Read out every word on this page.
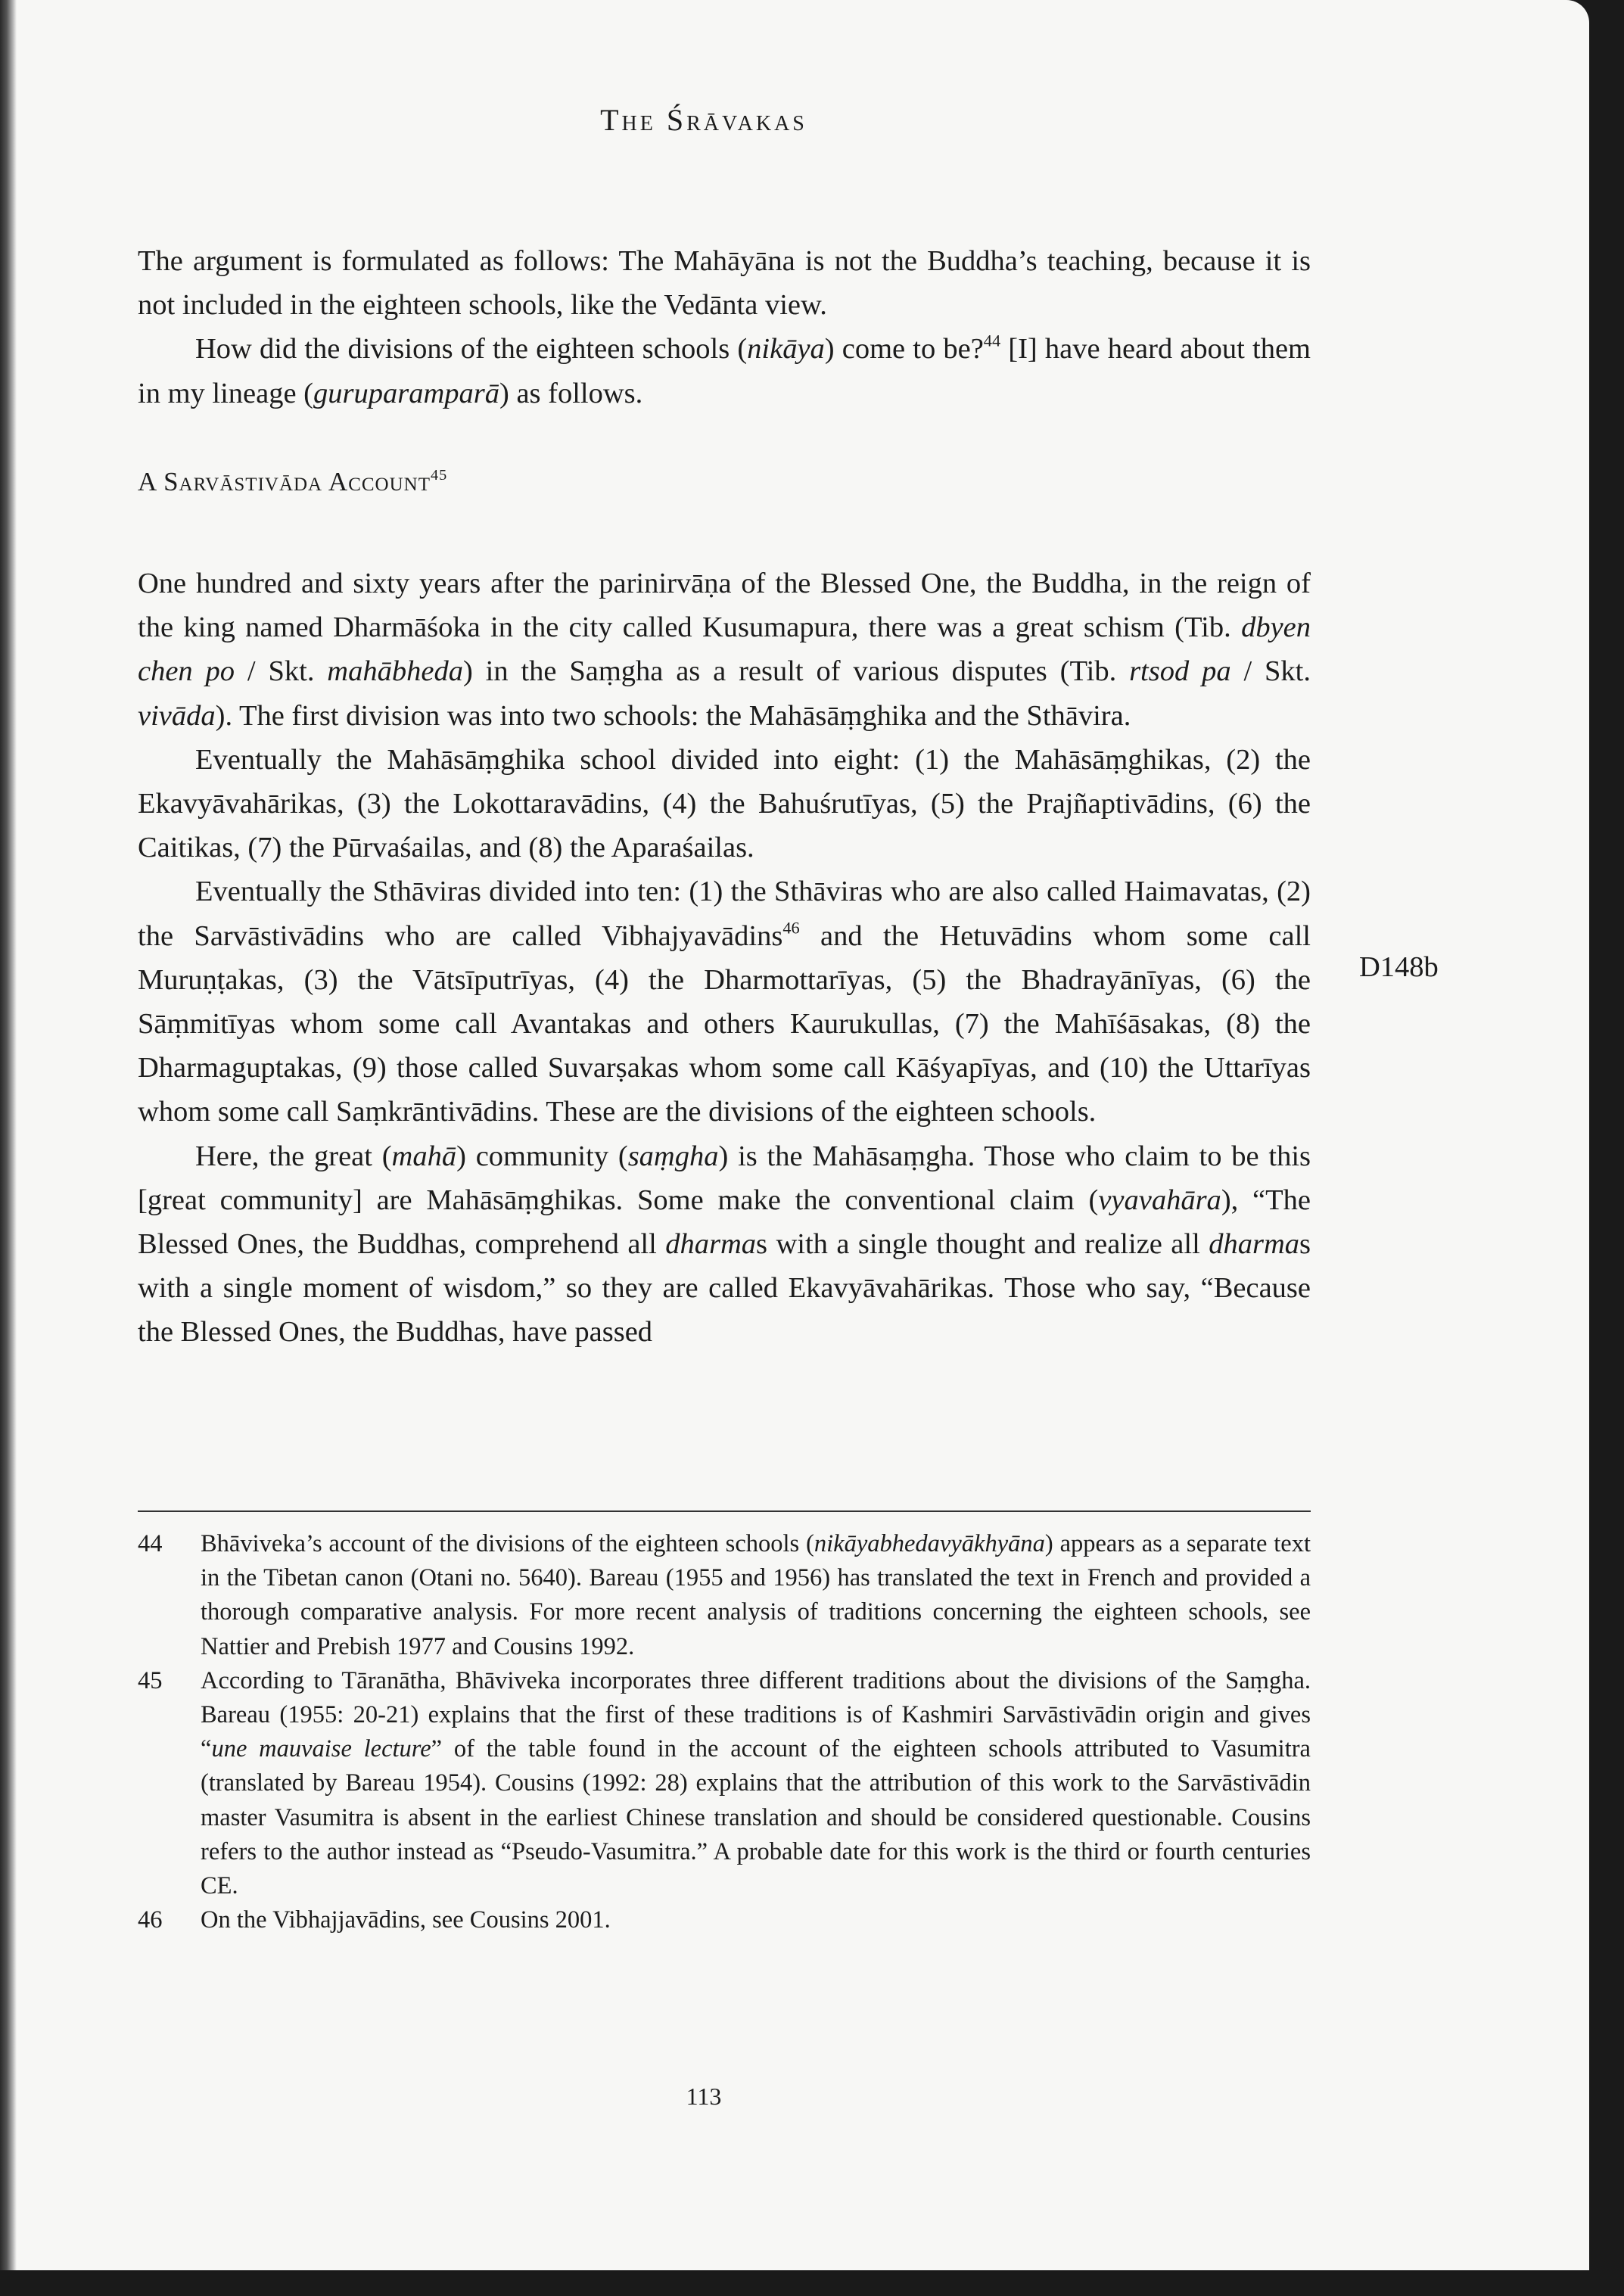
The Śrāvakas

The argument is formulated as follows: The Mahāyāna is not the Buddha’s teaching, because it is not included in the eighteen schools, like the Vedānta view.

How did the divisions of the eighteen schools (nikāya) come to be?$^{44}$ [I] have heard about them in my lineage (guruparamparā) as follows.

A Sarvāstivāda Account$^{45}$

One hundred and sixty years after the parinirvāṇa of the Blessed One, the Buddha, in the reign of the king named Dharmāśoka in the city called Kusumapura, there was a great schism (Tib. dbyen chen po / Skt. mahābheda) in the Saṃgha as a result of various disputes (Tib. rtsod pa / Skt. vivāda). The first division was into two schools: the Mahāsāṃghika and the Sthāvira.

Eventually the Mahāsāṃghika school divided into eight: (1) the Mahāsāṃghikas, (2) the Ekavyāvahārikas, (3) the Lokottaravādins, (4) the Bahuśrutīyas, (5) the Prajñaptivādins, (6) the Caitikas, (7) the Pūrvaśailas, and (8) the Aparaśailas.

Eventually the Sthāviras divided into ten: (1) the Sthāviras who are also called Haimavatas, (2) the Sarvāstivādins who are called Vibhajyavādins$^{46}$ and the Hetuvādins whom some call Muruṇṭakas, (3) the Vātsīputrīyas, (4) the Dharmottarīyas, (5) the Bhadrayānīyas, (6) the Sāṃmitīyas whom some call Avantakas and others Kaurukullas, (7) the Mahīśāsakas, (8) the Dharmaguptakas, (9) those called Suvarṣakas whom some call Kāśyapīyas, and (10) the Uttarīyas whom some call Saṃkrāntivādins. These are the divisions of the eighteen schools.

Here, the great (mahā) community (saṃgha) is the Mahāsaṃgha. Those who claim to be this [great community] are Mahāsāṃghikas. Some make the conventional claim (vyavahāra), “The Blessed Ones, the Buddhas, comprehend all dharmas with a single thought and realize all dharmas with a single moment of wisdom,” so they are called Ekavyāvahārikas. Those who say, “Because the Blessed Ones, the Buddhas, have passed

D148b
44 Bhāviveka’s account of the divisions of the eighteen schools (nikāyabhedavyākhyāna) appears as a separate text in the Tibetan canon (Otani no. 5640). Bareau (1955 and 1956) has translated the text in French and provided a thorough comparative analysis. For more recent analysis of traditions concerning the eighteen schools, see Nattier and Prebish 1977 and Cousins 1992.
45 According to Tāranātha, Bhāviveka incorporates three different traditions about the divisions of the Saṃgha. Bareau (1955: 20-21) explains that the first of these traditions is of Kashmiri Sarvāstivādin origin and gives “une mauvaise lecture” of the table found in the account of the eighteen schools attributed to Vasumitra (translated by Bareau 1954). Cousins (1992: 28) explains that the attribution of this work to the Sarvāstivādin master Vasumitra is absent in the earliest Chinese translation and should be considered questionable. Cousins refers to the author instead as “Pseudo-Vasumitra.” A probable date for this work is the third or fourth centuries CE.
46 On the Vibhajjavādins, see Cousins 2001.
113
